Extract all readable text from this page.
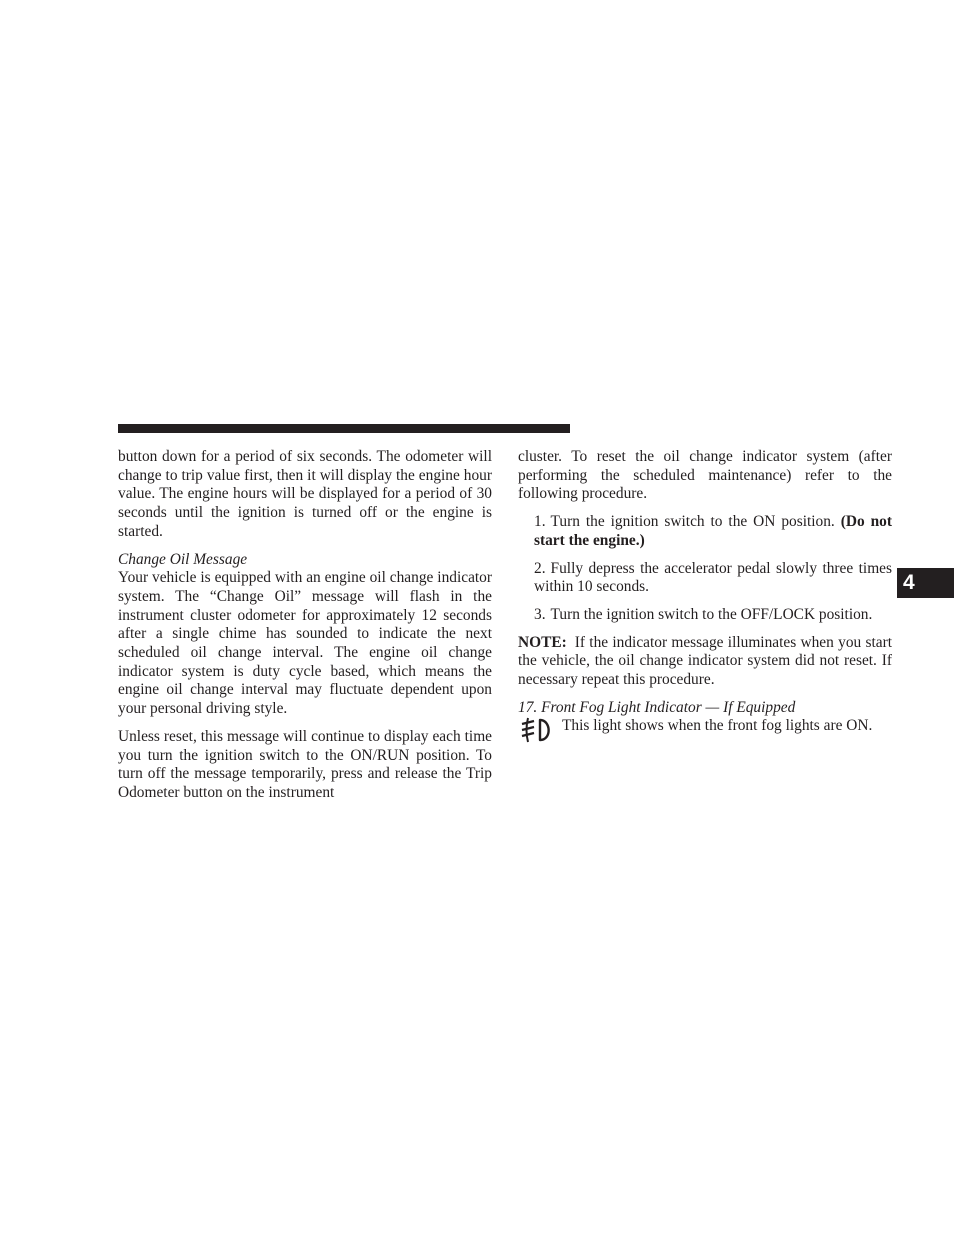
button down for a period of six seconds. The odometer will change to trip value first, then it will display the engine hour value. The engine hours will be displayed for a period of 30 seconds until the ignition is turned off or the engine is started.

Change Oil Message

Your vehicle is equipped with an engine oil change indicator system. The “Change Oil” message will flash in the instrument cluster odometer for approximately 12 seconds after a single chime has sounded to indicate the next scheduled oil change interval. The engine oil change indicator system is duty cycle based, which means the engine oil change interval may fluctuate dependent upon your personal driving style.

Unless reset, this message will continue to display each time you turn the ignition switch to the ON/RUN position. To turn off the message temporarily, press and release the Trip Odometer button on the instrument

cluster. To reset the oil change indicator system (after performing the scheduled maintenance) refer to the following procedure.

1. Turn the ignition switch to the ON position. (Do not start the engine.)
2. Fully depress the accelerator pedal slowly three times within 10 seconds.
3. Turn the ignition switch to the OFF/LOCK position.

NOTE: If the indicator message illuminates when you start the vehicle, the oil change indicator system did not reset. If necessary repeat this procedure.

17. Front Fog Light Indicator — If Equipped
This light shows when the front fog lights are ON.
4
